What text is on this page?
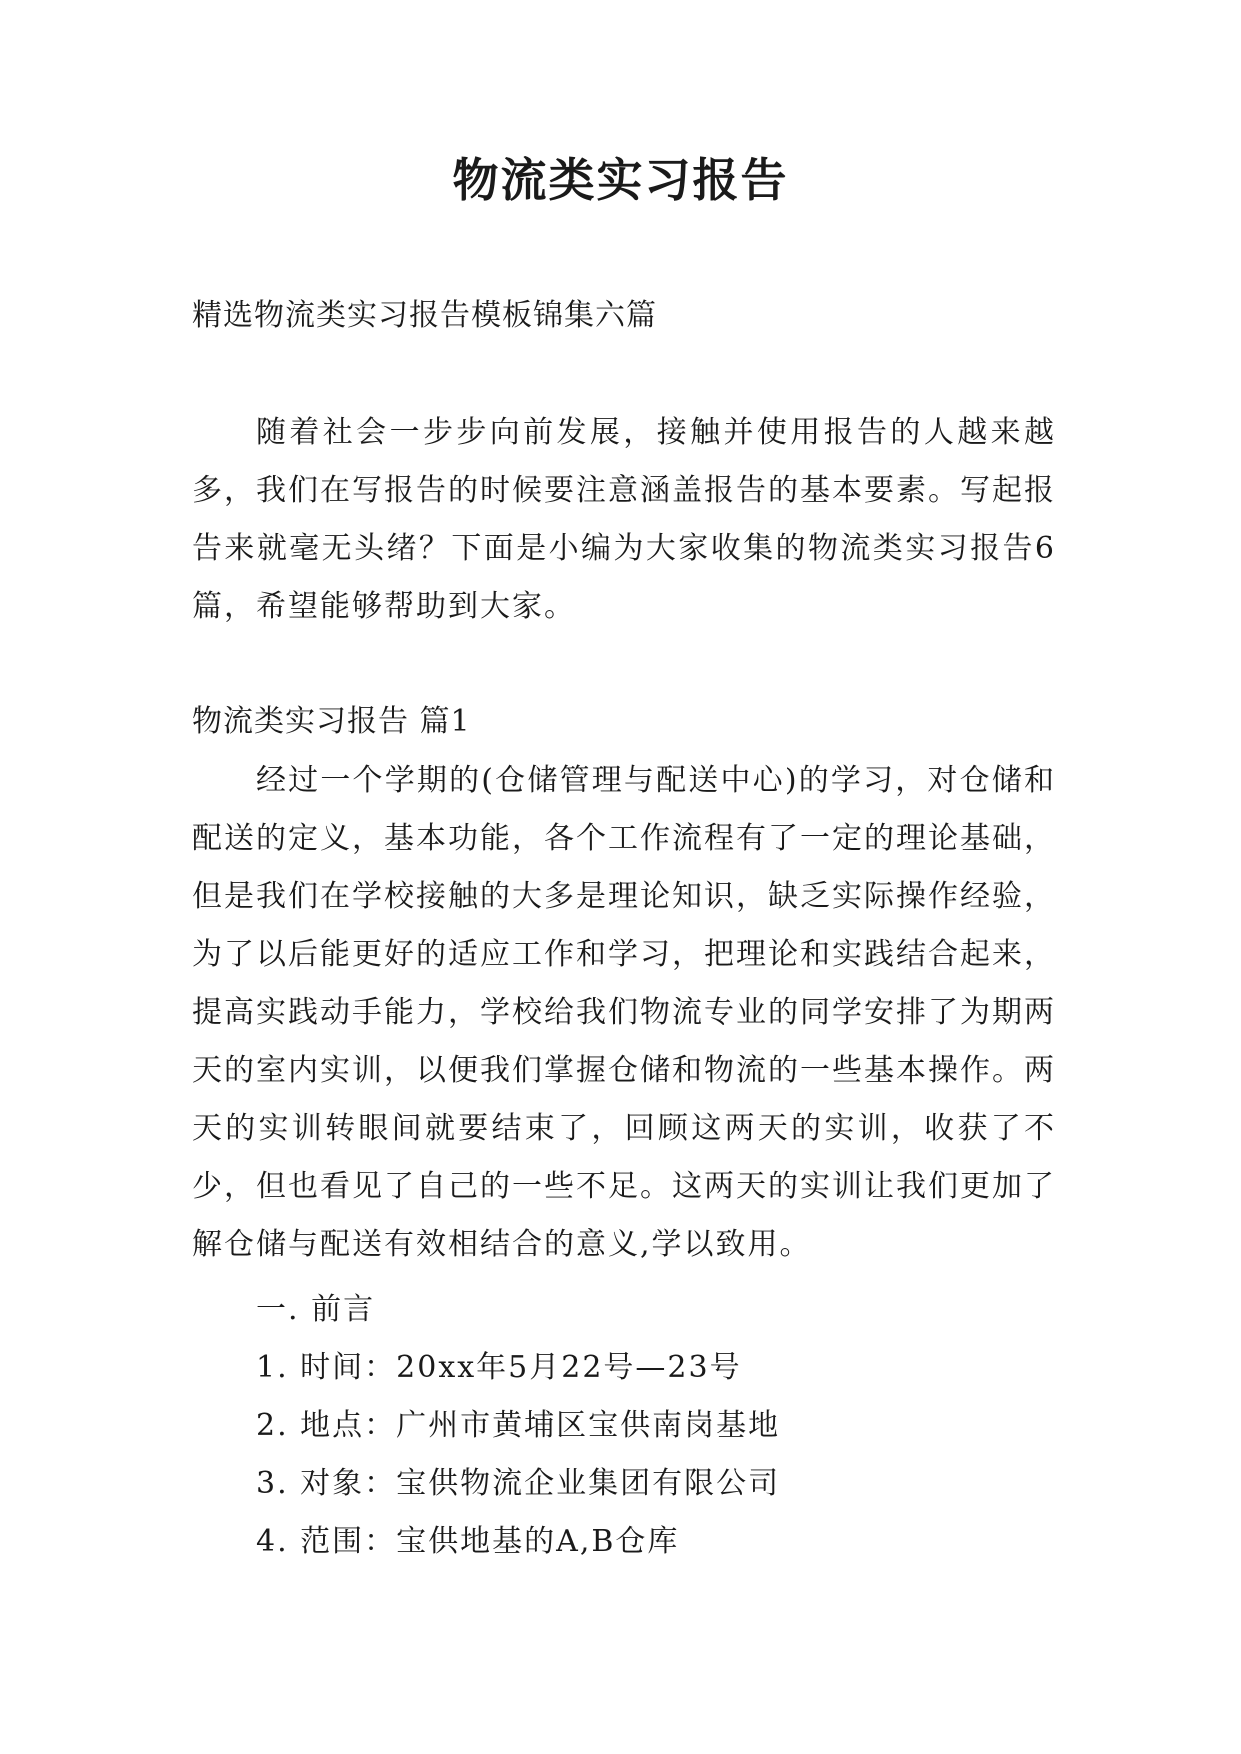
物流类实习报告
精选物流类实习报告模板锦集六篇

随着社会一步步向前发展，接触并使用报告的人越来越多，我们在写报告的时候要注意涵盖报告的基本要素。写起报告来就毫无头绪？下面是小编为大家收集的物流类实习报告6篇，希望能够帮助到大家。

物流类实习报告 篇1

经过一个学期的(仓储管理与配送中心)的学习，对仓储和配送的定义，基本功能，各个工作流程有了一定的理论基础，但是我们在学校接触的大多是理论知识，缺乏实际操作经验，为了以后能更好的适应工作和学习，把理论和实践结合起来，提高实践动手能力，学校给我们物流专业的同学安排了为期两天的室内实训，以便我们掌握仓储和物流的一些基本操作。两天的实训转眼间就要结束了，回顾这两天的实训，收获了不少，但也看见了自己的一些不足。这两天的实训让我们更加了解仓储与配送有效相结合的意义,学以致用。

一. 前言
1. 时间：20xx年5月22号—23号
2. 地点：广州市黄埔区宝供南岗基地
3. 对象：宝供物流企业集团有限公司
4. 范围：宝供地基的A,B仓库
